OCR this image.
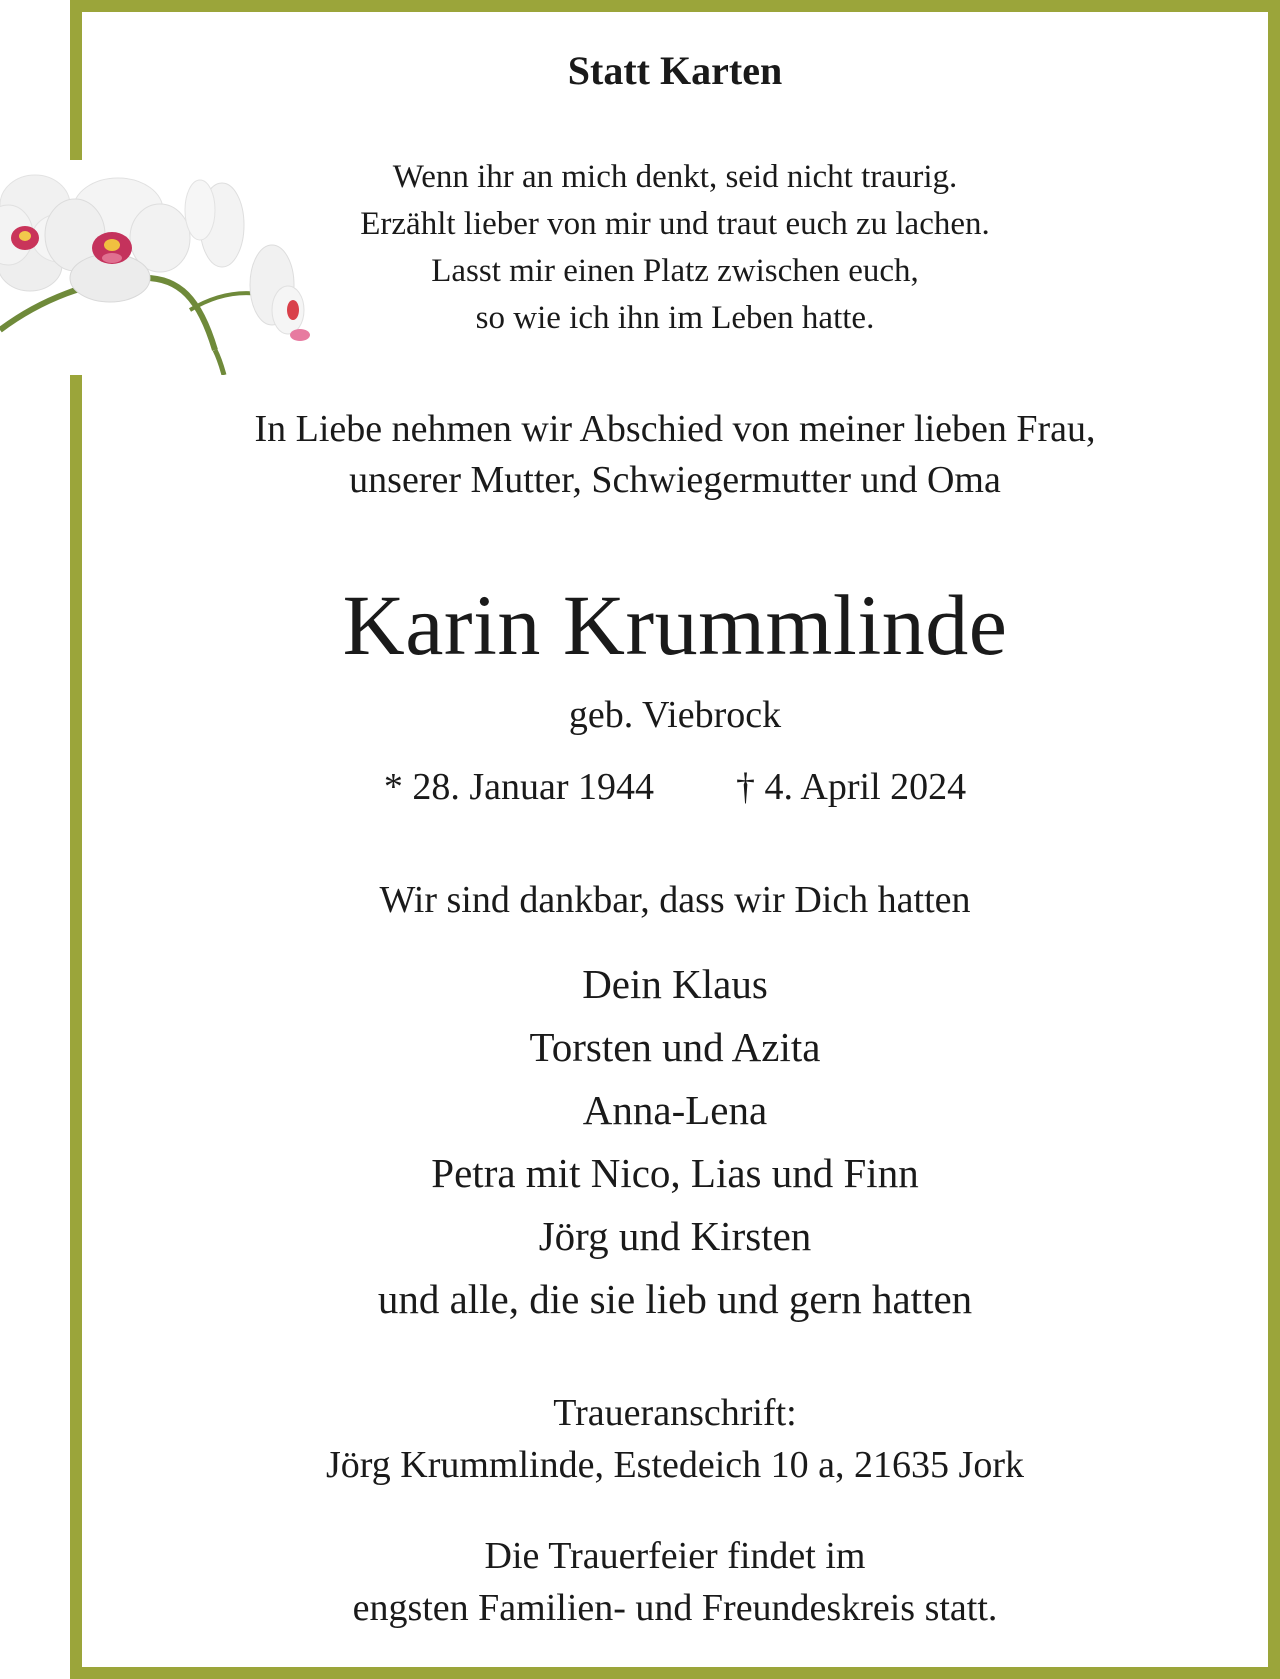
Statt Karten

Wenn ihr an mich denkt, seid nicht traurig.
Erzählt lieber von mir und traut euch zu lachen.
Lasst mir einen Platz zwischen euch,
so wie ich ihn im Leben hatte.
In Liebe nehmen wir Abschied von meiner lieben Frau,
unserer Mutter, Schwiegermutter und Oma

Karin Krummlinde

geb. Viebrock

* 28. Januar 1944 † 4. April 2024

Wir sind dankbar, dass wir Dich hatten

Dein Klaus
Torsten und Azita
Anna-Lena
Petra mit Nico, Lias und Finn
Jörg und Kirsten
und alle, die sie lieb und gern hatten
Traueranschrift:
Jörg Krummlinde, Estedeich 10 a, 21635 Jork
Die Trauerfeier findet im
engsten Familien- und Freundeskreis statt.
